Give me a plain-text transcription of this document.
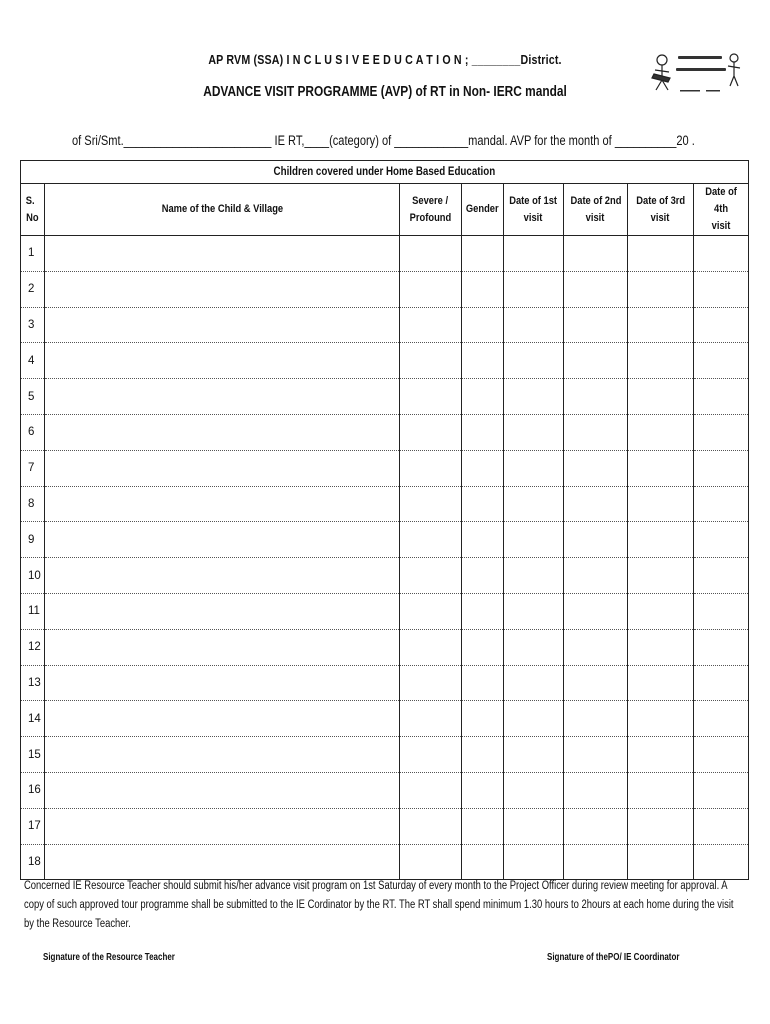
AP RVM (SSA) I N C L U S I V E E D U C A T I O N ; ________District.
ADVANCE VISIT PROGRAMME (AVP) of RT in Non- IERC mandal
of Sri/Smt.________________________ IE RT,____(category) of ____________mandal. AVP for the month of __________20 .
Children covered under Home Based Education							
S.
No	Name of the Child & Village	Severe /
Profound	Gender	Date of 1st
visit	Date of 2nd
visit	Date of 3rd
visit	Date of 4th
visit
1							
2							
3							
4							
5							
6							
7							
8							
9							
10							
11							
12							
13							
14							
15							
16							
17							
18							
Concerned IE Resource Teacher should submit his/her advance visit program on 1st Saturday of every month to the Project Officer during review meeting for approval. A copy of such approved tour programme shall be submitted to the IE Cordinator by the RT. The RT shall spend minimum 1.30 hours to 2hours at each home during the visit by the Resource Teacher.
Signature of the Resource Teacher	Signature of thePO/ IE Coordinator
